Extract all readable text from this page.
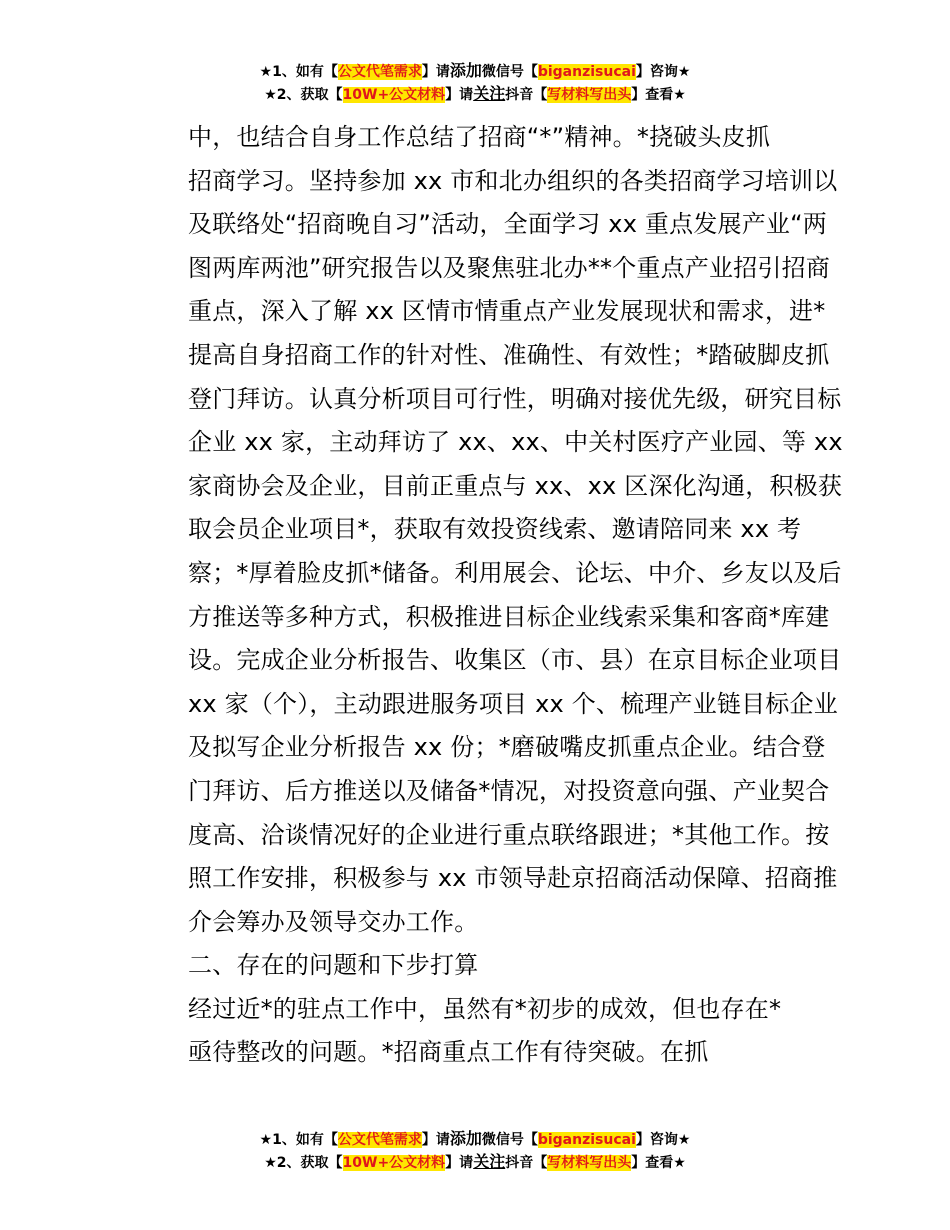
★1、如有【公文代笔需求】请添加微信号【biganzisucai】咨询★
★2、获取【10W+公文材料】请关注抖音【写材料写出头】查看★

中，也结合自身工作总结了招商“*”精神。*挠破头皮抓
招商学习。坚持参加 xx 市和北办组织的各类招商学习培训以
及联络处“招商晚自习”活动，全面学习 xx 重点发展产业“两
图两库两池”研究报告以及聚焦驻北办**个重点产业招引招商
重点，深入了解 xx 区情市情重点产业发展现状和需求，进*
提高自身招商工作的针对性、准确性、有效性；*踏破脚皮抓
登门拜访。认真分析项目可行性，明确对接优先级，研究目标
企业 xx 家，主动拜访了 xx、xx、中关村医疗产业园、等 xx
家商协会及企业，目前正重点与 xx、xx 区深化沟通，积极获
取会员企业项目*，获取有效投资线索、邀请陪同来 xx 考
察；*厚着脸皮抓*储备。利用展会、论坛、中介、乡友以及后
方推送等多种方式，积极推进目标企业线索采集和客商*库建
设。完成企业分析报告、收集区（市、县）在京目标企业项目
xx 家（个），主动跟进服务项目 xx 个、梳理产业链目标企业
及拟写企业分析报告 xx 份；*磨破嘴皮抓重点企业。结合登
门拜访、后方推送以及储备*情况，对投资意向强、产业契合
度高、洽谈情况好的企业进行重点联络跟进；*其他工作。按
照工作安排，积极参与 xx 市领导赴京招商活动保障、招商推
介会筹办及领导交办工作。

二、存在的问题和下步打算

经过近*的驻点工作中，虽然有*初步的成效，但也存在*
亟待整改的问题。*招商重点工作有待突破。在抓

★1、如有【公文代笔需求】请添加微信号【biganzisucai】咨询★
★2、获取【10W+公文材料】请关注抖音【写材料写出头】查看★
